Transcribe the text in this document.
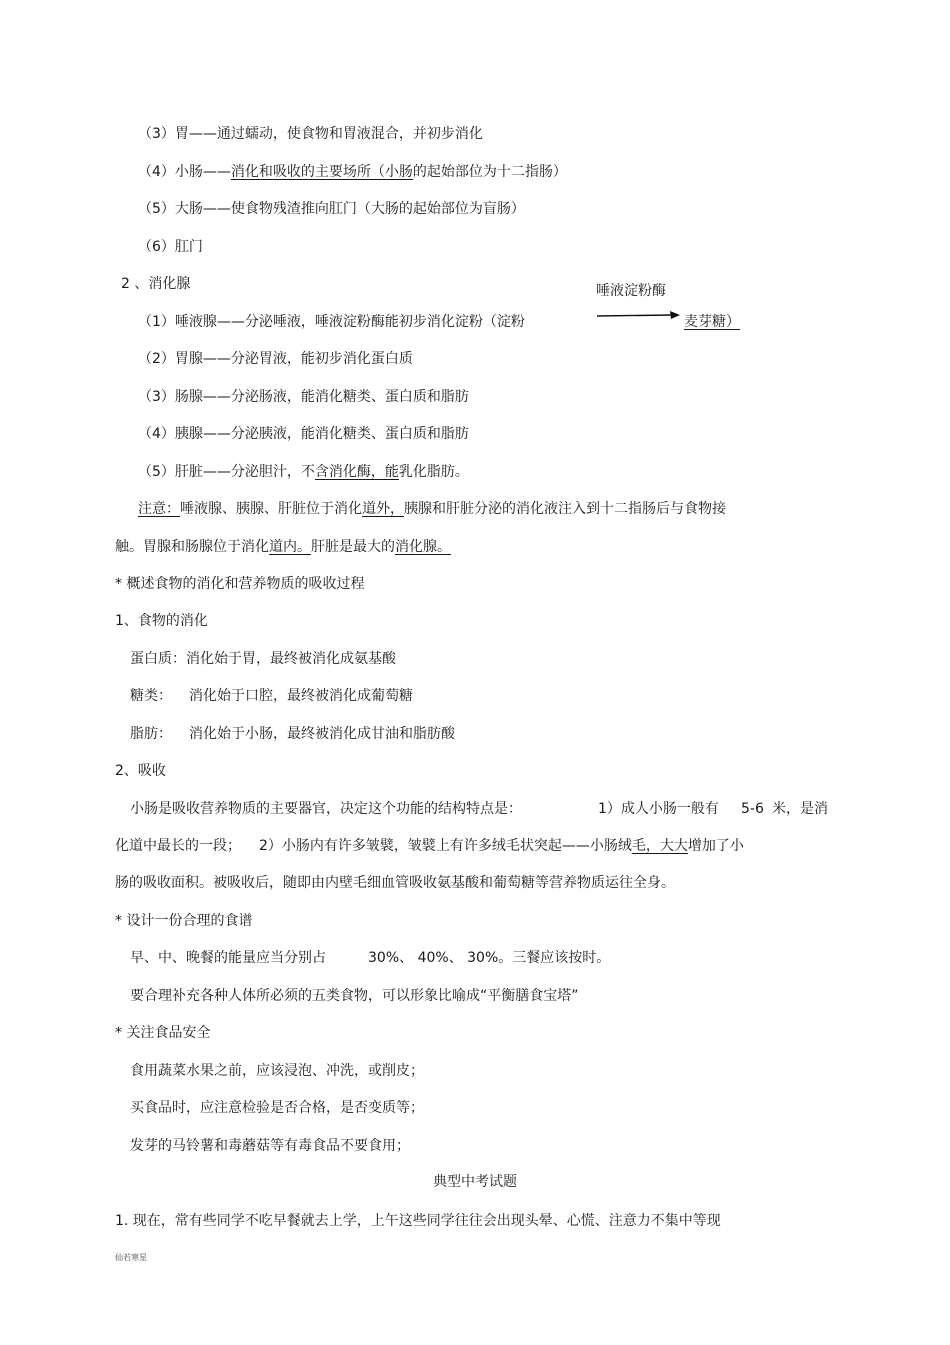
（3）胃——通过蠕动，使食物和胃液混合，并初步消化
（4）小肠——消化和吸收的主要场所（小肠的起始部位为十二指肠）
（5）大肠——使食物残渣推向肛门（大肠的起始部位为盲肠）
（6）肛门
2 、消化腺	唾液淀粉酶
（1）唾液腺——分泌唾液，唾液淀粉酶能初步消化淀粉（淀粉	麦芽糖）
（2）胃腺——分泌胃液，能初步消化蛋白质
（3）肠腺——分泌肠液，能消化糖类、蛋白质和脂肪
（4）胰腺——分泌胰液，能消化糖类、蛋白质和脂肪
（5）肝脏——分泌胆汁，不含消化酶，能乳化脂肪。
注意：唾液腺、胰腺、肝脏位于消化道外，胰腺和肝脏分泌的消化液注入到十二指肠后与食物接
触。胃腺和肠腺位于消化道内。肝脏是最大的消化腺。
* 概述食物的消化和营养物质的吸收过程
1、食物的消化
蛋白质：消化始于胃，最终被消化成氨基酸
糖类： 消化始于口腔，最终被消化成葡萄糖
脂肪： 消化始于小肠，最终被消化成甘油和脂肪酸
2、吸收
小肠是吸收营养物质的主要器官，决定这个功能的结构特点是：	1）成人小肠一般有 5-6 米，是消
化道中最长的一段； 2）小肠内有许多皱襞，皱襞上有许多绒毛状突起——小肠绒毛，大大增加了小
肠的吸收面积。被吸收后，随即由内壁毛细血管吸收氨基酸和葡萄糖等营养物质运往全身。
* 设计一份合理的食谱
早、中、晚餐的能量应当分别占	30%、 40%、 30%。三餐应该按时。
要合理补充各种人体所必须的五类食物，可以形象比喻成“平衡膳食宝塔”
* 关注食品安全
食用蔬菜水果之前，应该浸泡、冲洗，或削皮；
买食品时，应注意检验是否合格，是否变质等；
发芽的马铃薯和毒蘑菇等有毒食品不要食用；
典型中考试题
1. 现在，常有些同学不吃早餐就去上学，上午这些同学往往会出现头晕、心慌、注意力不集中等现
仙若寒星
